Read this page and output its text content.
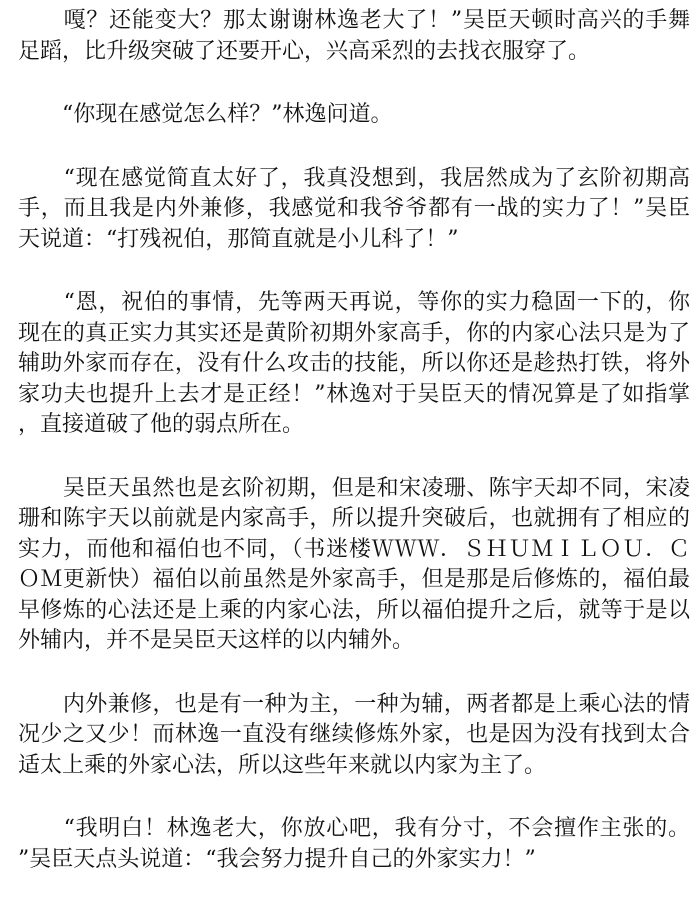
　　嘎？还能变大？那太谢谢林逸老大了！”吴臣天顿时高兴的手舞
足蹈，比升级突破了还要开心，兴高采烈的去找衣服穿了。
　　“你现在感觉怎么样？”林逸问道。
　　“现在感觉简直太好了，我真没想到，我居然成为了玄阶初期高
手，而且我是内外兼修，我感觉和我爷爷都有一战的实力了！”吴臣
天说道：“打残祝伯，那简直就是小儿科了！”
　　“恩，祝伯的事情，先等两天再说，等你的实力稳固一下的，你
现在的真正实力其实还是黄阶初期外家高手，你的内家心法只是为了
辅助外家而存在，没有什么攻击的技能，所以你还是趁热打铁，将外
家功夫也提升上去才是正经！”林逸对于吴臣天的情况算是了如指掌
，直接道破了他的弱点所在。
　　吴臣天虽然也是玄阶初期，但是和宋凌珊、陈宇天却不同，宋凌
珊和陈宇天以前就是内家高手，所以提升突破后，也就拥有了相应的
实力，而他和福伯也不同，（书迷楼ＷＷＷ．ＳＨＵＭＩＬＯＵ．Ｃ
ＯＭ更新快）福伯以前虽然是外家高手，但是那是后修炼的，福伯最
早修炼的心法还是上乘的内家心法，所以福伯提升之后，就等于是以
外辅内，并不是吴臣天这样的以内辅外。
　　内外兼修，也是有一种为主，一种为辅，两者都是上乘心法的情
况少之又少！而林逸一直没有继续修炼外家，也是因为没有找到太合
适太上乘的外家心法，所以这些年来就以内家为主了。
　　“我明白！林逸老大，你放心吧，我有分寸，不会擅作主张的。
”吴臣天点头说道：“我会努力提升自己的外家实力！”
